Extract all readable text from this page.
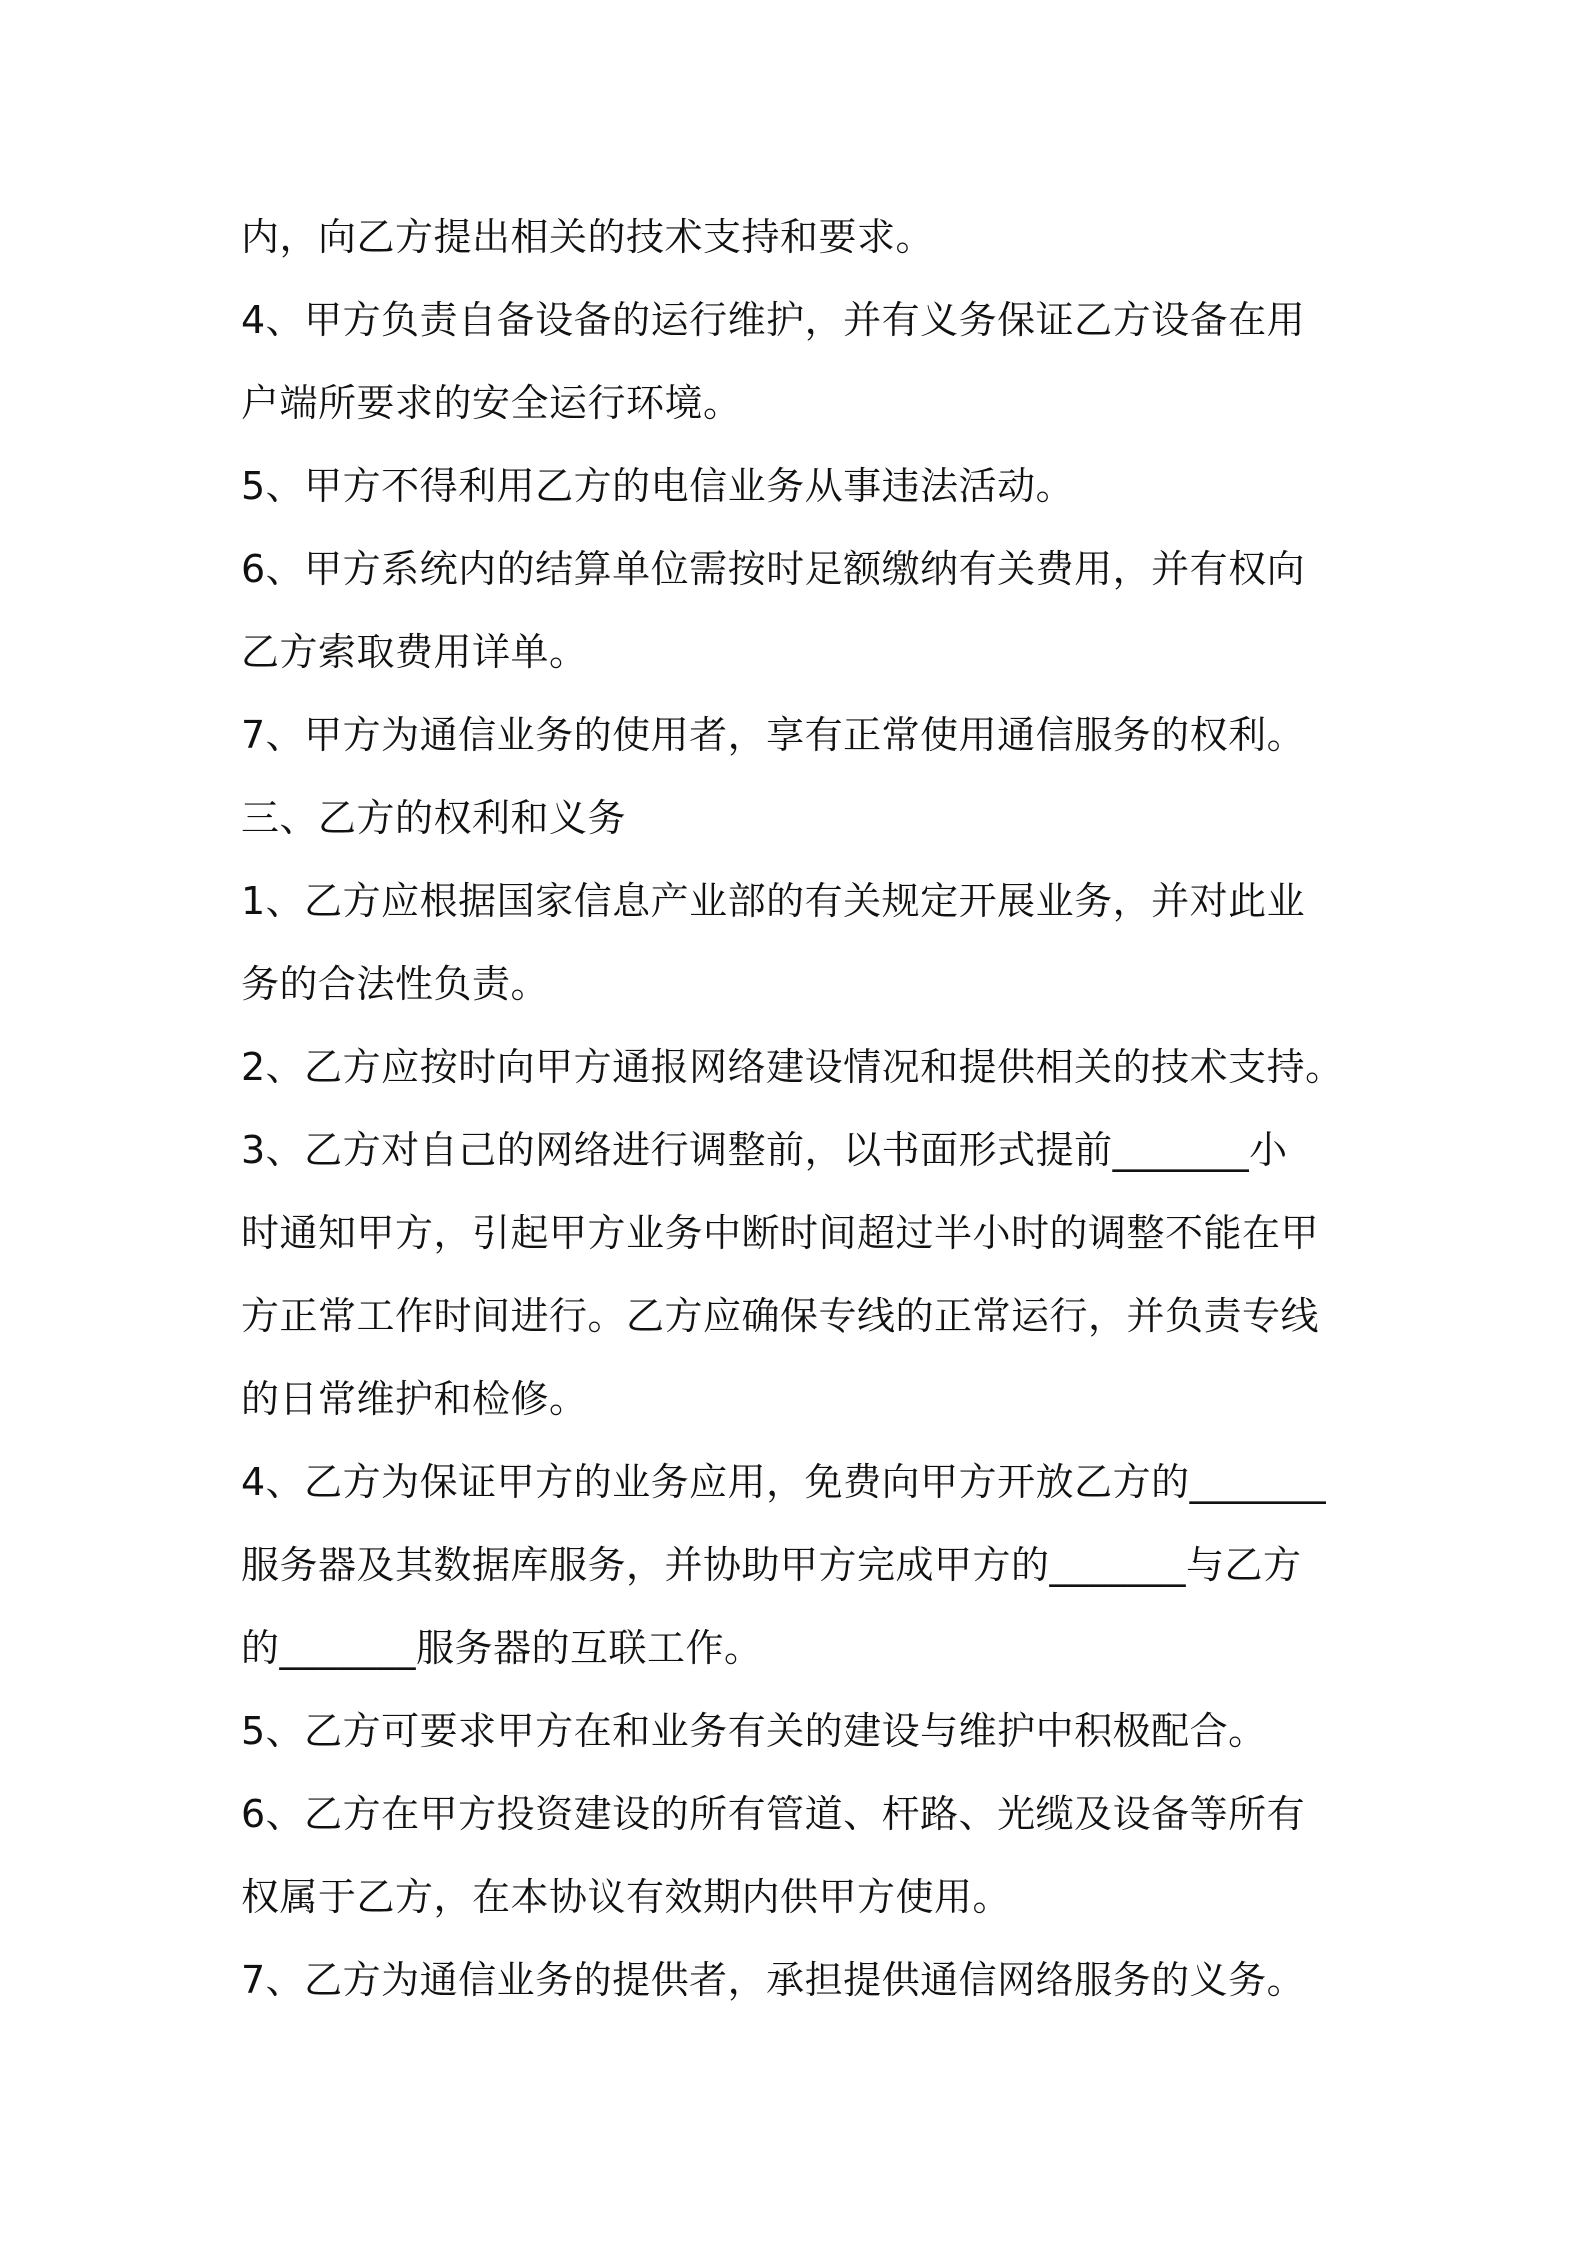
内，向乙方提出相关的技术支持和要求。
4、甲方负责自备设备的运行维护，并有义务保证乙方设备在用
户端所要求的安全运行环境。
5、甲方不得利用乙方的电信业务从事违法活动。
6、甲方系统内的结算单位需按时足额缴纳有关费用，并有权向
乙方索取费用详单。
7、甲方为通信业务的使用者，享有正常使用通信服务的权利。
三、乙方的权利和义务
1、乙方应根据国家信息产业部的有关规定开展业务，并对此业
务的合法性负责。
2、乙方应按时向甲方通报网络建设情况和提供相关的技术支持。
3、乙方对自己的网络进行调整前，以书面形式提前_______小
时通知甲方，引起甲方业务中断时间超过半小时的调整不能在甲
方正常工作时间进行。乙方应确保专线的正常运行，并负责专线
的日常维护和检修。
4、乙方为保证甲方的业务应用，免费向甲方开放乙方的_______
服务器及其数据库服务，并协助甲方完成甲方的_______与乙方
的_______服务器的互联工作。
5、乙方可要求甲方在和业务有关的建设与维护中积极配合。
6、乙方在甲方投资建设的所有管道、杆路、光缆及设备等所有
权属于乙方，在本协议有效期内供甲方使用。
7、乙方为通信业务的提供者，承担提供通信网络服务的义务。
